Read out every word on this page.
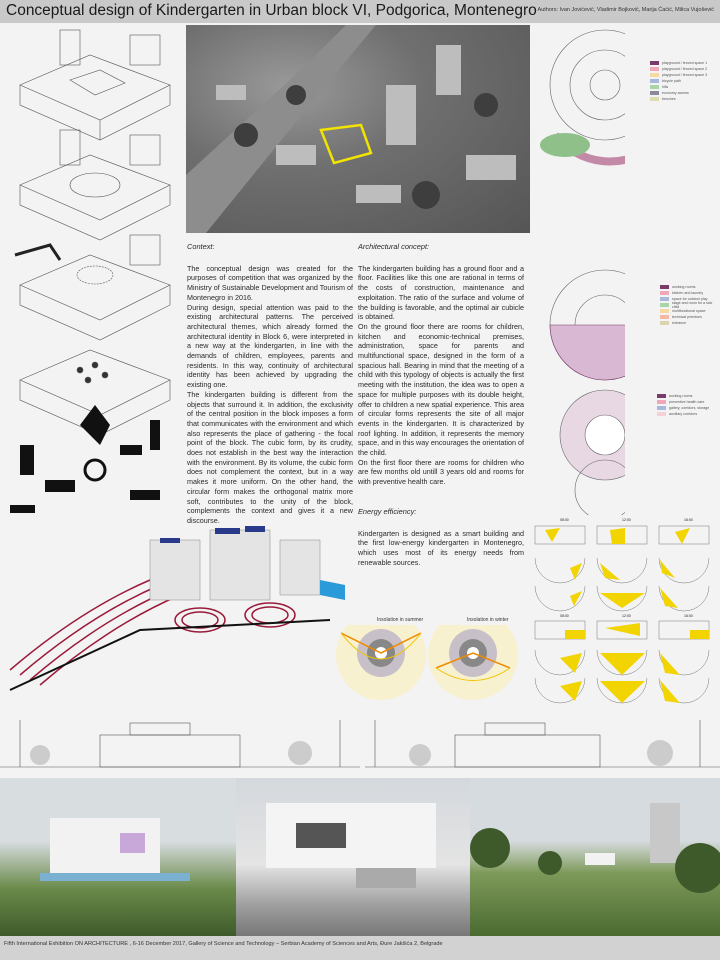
Conceptual design of Kindergarten in Urban block VI, Podgorica, Montenegro Authors: Ivan Jovićević, Vladimir Bojković, Marija Ćaćić, Milica Vujošević
Context:

The conceptual design was created for the purposes of competition that was organized by the Ministry of Sustainable Development and Tourism of Montenegro in 2016.

During design, special attention was paid to the existing architectural patterns. The perceived architectural themes, which already formed the architectural identity in Block 6, were interpreted in a new way at the kindergarten, in line with the demands of children, employees, parents and residents. In this way, continuity of architectural identity has been achieved by upgrading the existing one.

The kindergarten building is different from the objects that surround it. In addition, the exclusivity of the central position in the block imposes a form that communicates with the environment and which also represents the place of gathering - the focal point of the block. The cubic form, by its crudity, does not establish in the best way the interaction with the environment. By its volume, the cubic form does not complement the context, but in a way makes it more uniform. On the other hand, the circular form makes the orthogonal matrix more soft, contributes to the unity of the block, complements the context and gives it a new discourse.

Architectural concept:

The kindergarten building has a ground floor and a floor. Facilities like this one are rational in terms of the costs of construction, maintenance and exploitation. The ratio of the surface and volume of the building is favorable, and the optimal air cubicle is obtained.

On the ground floor there are rooms for children, kitchen and economic-technical premises, administration, space for parents and multifunctional space, designed in the form of a spacious hall. Bearing in mind that the meeting of a child with this typology of objects is actually the first meeting with the institution, the idea was to open a space for multiple purposes with its double height, offer to children a new spatial experience. This area of circular forms represents the site of all major events in the kindergarten. It is characterized by roof lighting. In addition, it represents the memory space, and in this way encourages the orientation of the child.

On the first floor there are rooms for children who are few months old untill 3 years old and rooms for with preventive health care.

Energy efficiency:

Kindergarten is designed as a smart building and the first low-energy kindergarten in Montenegro, which uses most of its energy needs from renewable sources.

playground / fenced space 1
playground / fenced space 2
playground / fenced space 3
bicycle path
hills
economy access
benches
working rooms
kitchen and laundry
space for outdoor play
stage and room for a sick child
multifunctional space
technical premises
entrance
working rooms
preventive health care
gallery, corridors, storage
auxiliary corridors
Insolation in summer	Insolation in winter
08:00	12:00	16:00
08:00	12:00	16:00
Fifth International Exhibition ON ARCHITECTURE , 6-16 December 2017, Gallery of Science and Technology – Serbian Academy of Sciences and Arts, Đure Jakšića 2, Belgrade
